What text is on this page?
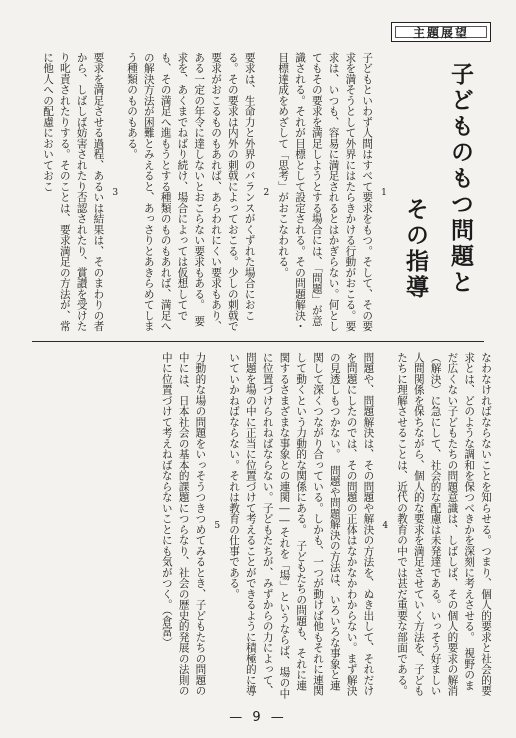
主題展望
子どものもつ問題と
その指導
1
子どもといわず人間はすべて要求をもつ。そして、その要求を満そうとして外界にはたらきかける行動がおこる。要求は、いつも、容易に満足されるとはかぎらない。何としてもその要求を満足しようとする場合には、「問題」が意識される。それが目標として設定される。その問題解決・目標達成をめざして「思考」がおこなわれる。
2
要求は、生命力と外界のバランスがくずれた場合におこる。その要求は内外の刺戟によっておこる。少しの刺戟で要求がおこるものもあれば、あらわれにくい要求もあり、ある一定の年令に達しないとおこらない要求もある。　要求を、あくまでねばり続け、場合によっては仮想してでも、その満足へ進もうとする種類のものもあれば、満足への解決方法が困難とみえると、あっさりとあきらめてしまう種類のものもある。
3
要求を満足させる過程、あるいは結果は、そのまわりの者から、しばしば妨害されたり否認されたり、賞讃を受けたり叱責されたりする。そのことは、要求満足の方法が、常に他人への配慮においておこ
なわなければならないことを知らせる。つまり、個人的要求と社会的要求とは、どのような調和を保つべきかを深刻に考えさせる。　視野のまだ広くない子どもたちの問題意識は、しばしば、その個人的要求の解消（解決）に急にして、社会的な配慮は未発達である。いっそう好ましい人間関係を保ちながら、個人的な要求を満足させていく方法を、子どもたちに理解させることは、近代の教育の中では甚だ重要な部面である。
4
問題や、問題解決は、その問題や解決の方法を、ぬき出して、それだけを問題にしたのでは、その問題の正体はなかなかわからない。まず解決の見透しもつかない。　問題や問題解決の方法は、いろいろな事象と連関して深くつながり合っている。しかも、一つが動けば他もそれに連関して動くという力動的な関係にある。　子どもたちの問題も、それに連関するさまざまな事象との連関――それを「場」というならば、場の中に位置づけられねばならない。子どもたちが、みずからの力によって、問題を場の中に正当に位置づけて考えることができるように積極的に導いていかねばならない。それは教育の仕事である。
5
力動的な場の問題をいっそうつきつめてみるとき、子どもたちの問題の中には、日本社会の基本的課題につらなり、社会の歴史的発展の法則の中に位置づけて考えねばならないことにも気がつく。（倉富）
— 9 —
